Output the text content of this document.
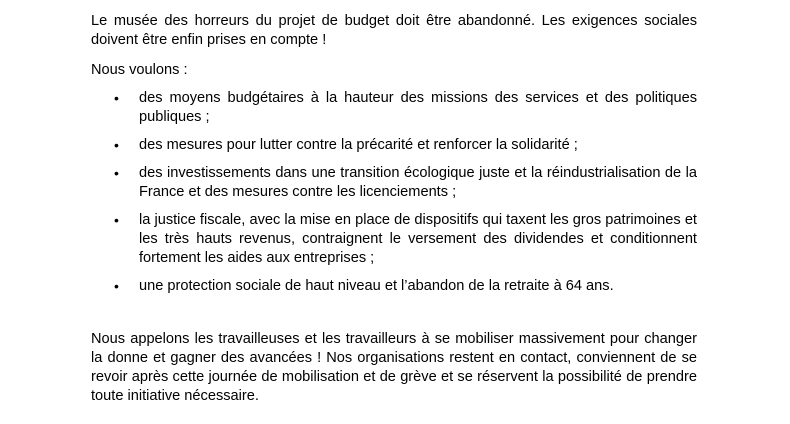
Le musée des horreurs du projet de budget doit être abandonné. Les exigences sociales doivent être enfin prises en compte !

Nous voulons :

• des moyens budgétaires à la hauteur des missions des services et des politiques publiques ;
• des mesures pour lutter contre la précarité et renforcer la solidarité ;
• des investissements dans une transition écologique juste et la réindustrialisation de la France et des mesures contre les licenciements ;
• la justice fiscale, avec la mise en place de dispositifs qui taxent les gros patrimoines et les très hauts revenus, contraignent le versement des dividendes et conditionnent fortement les aides aux entreprises ;
• une protection sociale de haut niveau et l’abandon de la retraite à 64 ans.

Nous appelons les travailleuses et les travailleurs à se mobiliser massivement pour changer la donne et gagner des avancées ! Nos organisations restent en contact, conviennent de se revoir après cette journée de mobilisation et de grève et se réservent la possibilité de prendre toute initiative nécessaire.
